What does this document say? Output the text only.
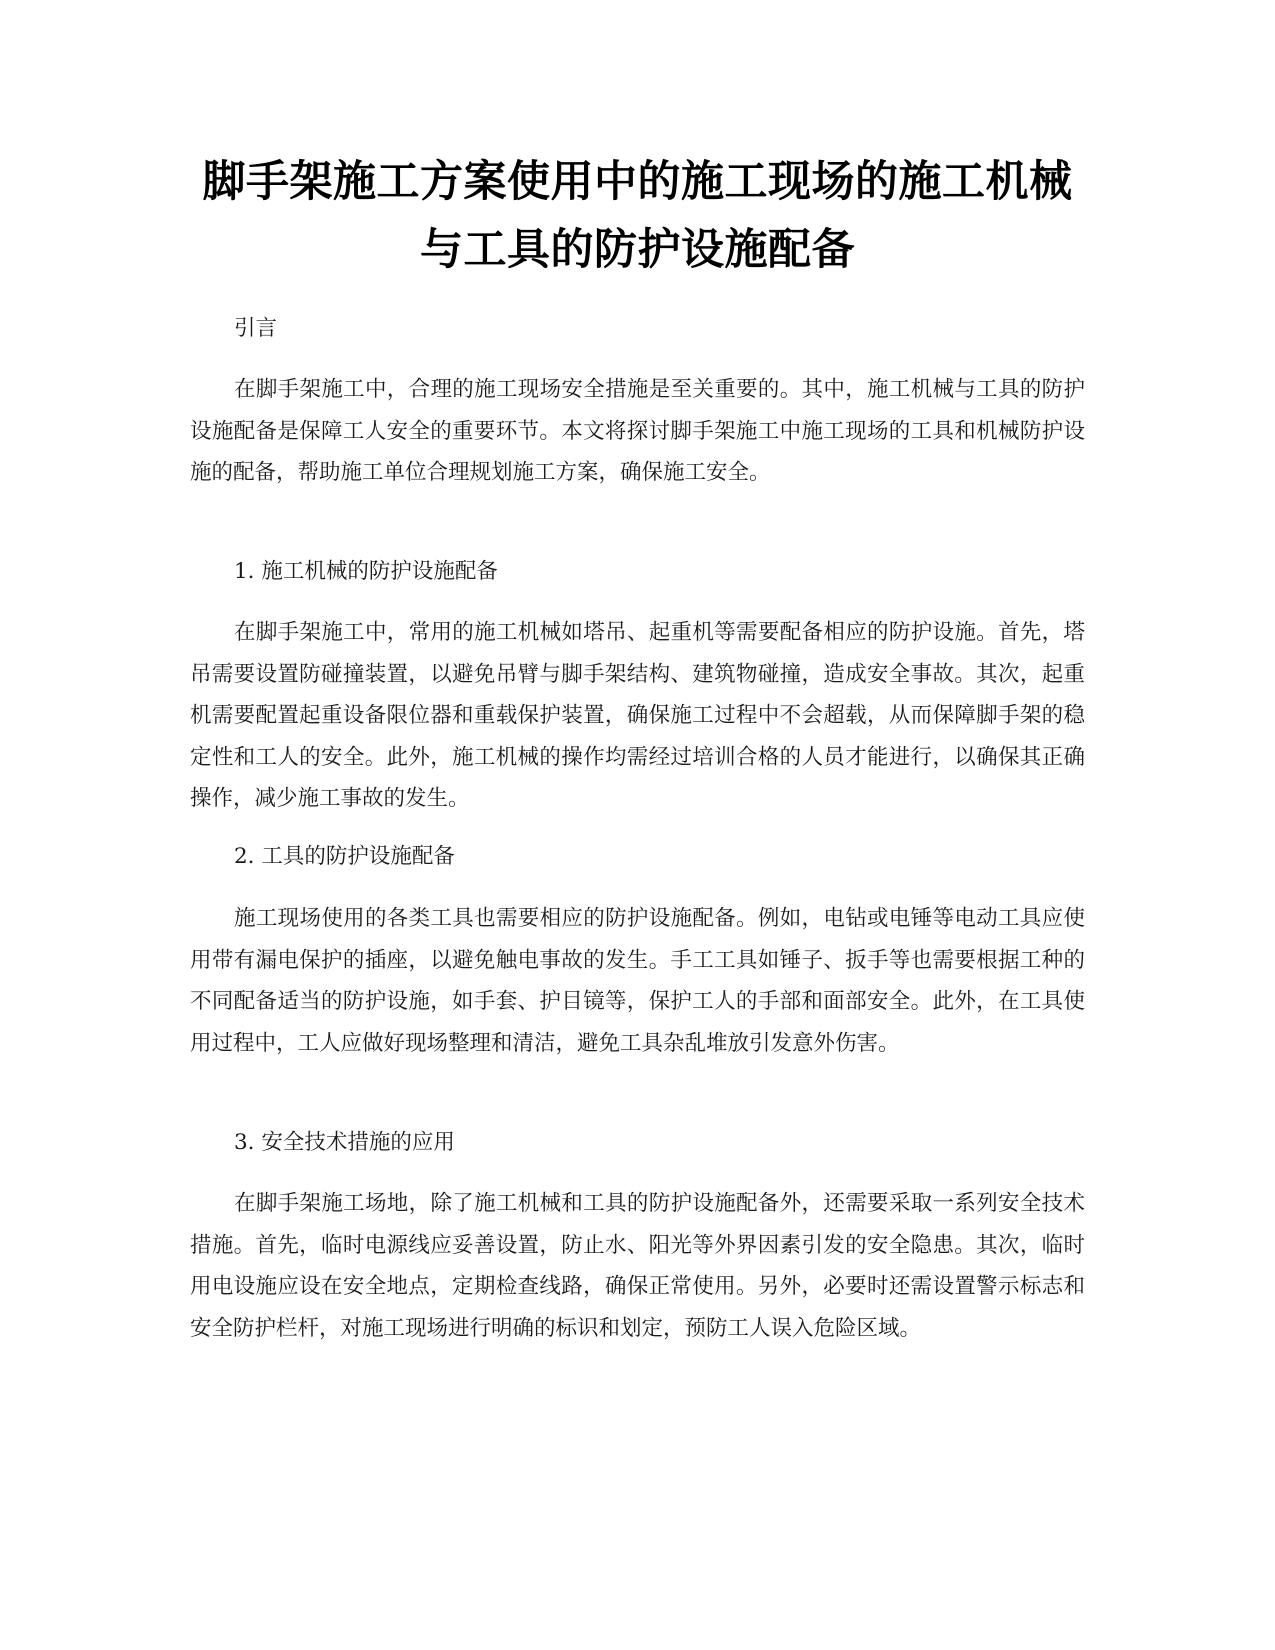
脚手架施工方案使用中的施工现场的施工机械与工具的防护设施配备

引言

在脚手架施工中，合理的施工现场安全措施是至关重要的。其中，施工机械与工具的防护设施配备是保障工人安全的重要环节。本文将探讨脚手架施工中施工现场的工具和机械防护设施的配备，帮助施工单位合理规划施工方案，确保施工安全。

1. 施工机械的防护设施配备

在脚手架施工中，常用的施工机械如塔吊、起重机等需要配备相应的防护设施。首先，塔吊需要设置防碰撞装置，以避免吊臂与脚手架结构、建筑物碰撞，造成安全事故。其次，起重机需要配置起重设备限位器和重载保护装置，确保施工过程中不会超载，从而保障脚手架的稳定性和工人的安全。此外，施工机械的操作均需经过培训合格的人员才能进行，以确保其正确操作，减少施工事故的发生。

2. 工具的防护设施配备

施工现场使用的各类工具也需要相应的防护设施配备。例如，电钻或电锤等电动工具应使用带有漏电保护的插座，以避免触电事故的发生。手工工具如锤子、扳手等也需要根据工种的不同配备适当的防护设施，如手套、护目镜等，保护工人的手部和面部安全。此外，在工具使用过程中，工人应做好现场整理和清洁，避免工具杂乱堆放引发意外伤害。

3. 安全技术措施的应用

在脚手架施工场地，除了施工机械和工具的防护设施配备外，还需要采取一系列安全技术措施。首先，临时电源线应妥善设置，防止水、阳光等外界因素引发的安全隐患。其次，临时用电设施应设在安全地点，定期检查线路，确保正常使用。另外，必要时还需设置警示标志和安全防护栏杆，对施工现场进行明确的标识和划定，预防工人误入危险区域。
